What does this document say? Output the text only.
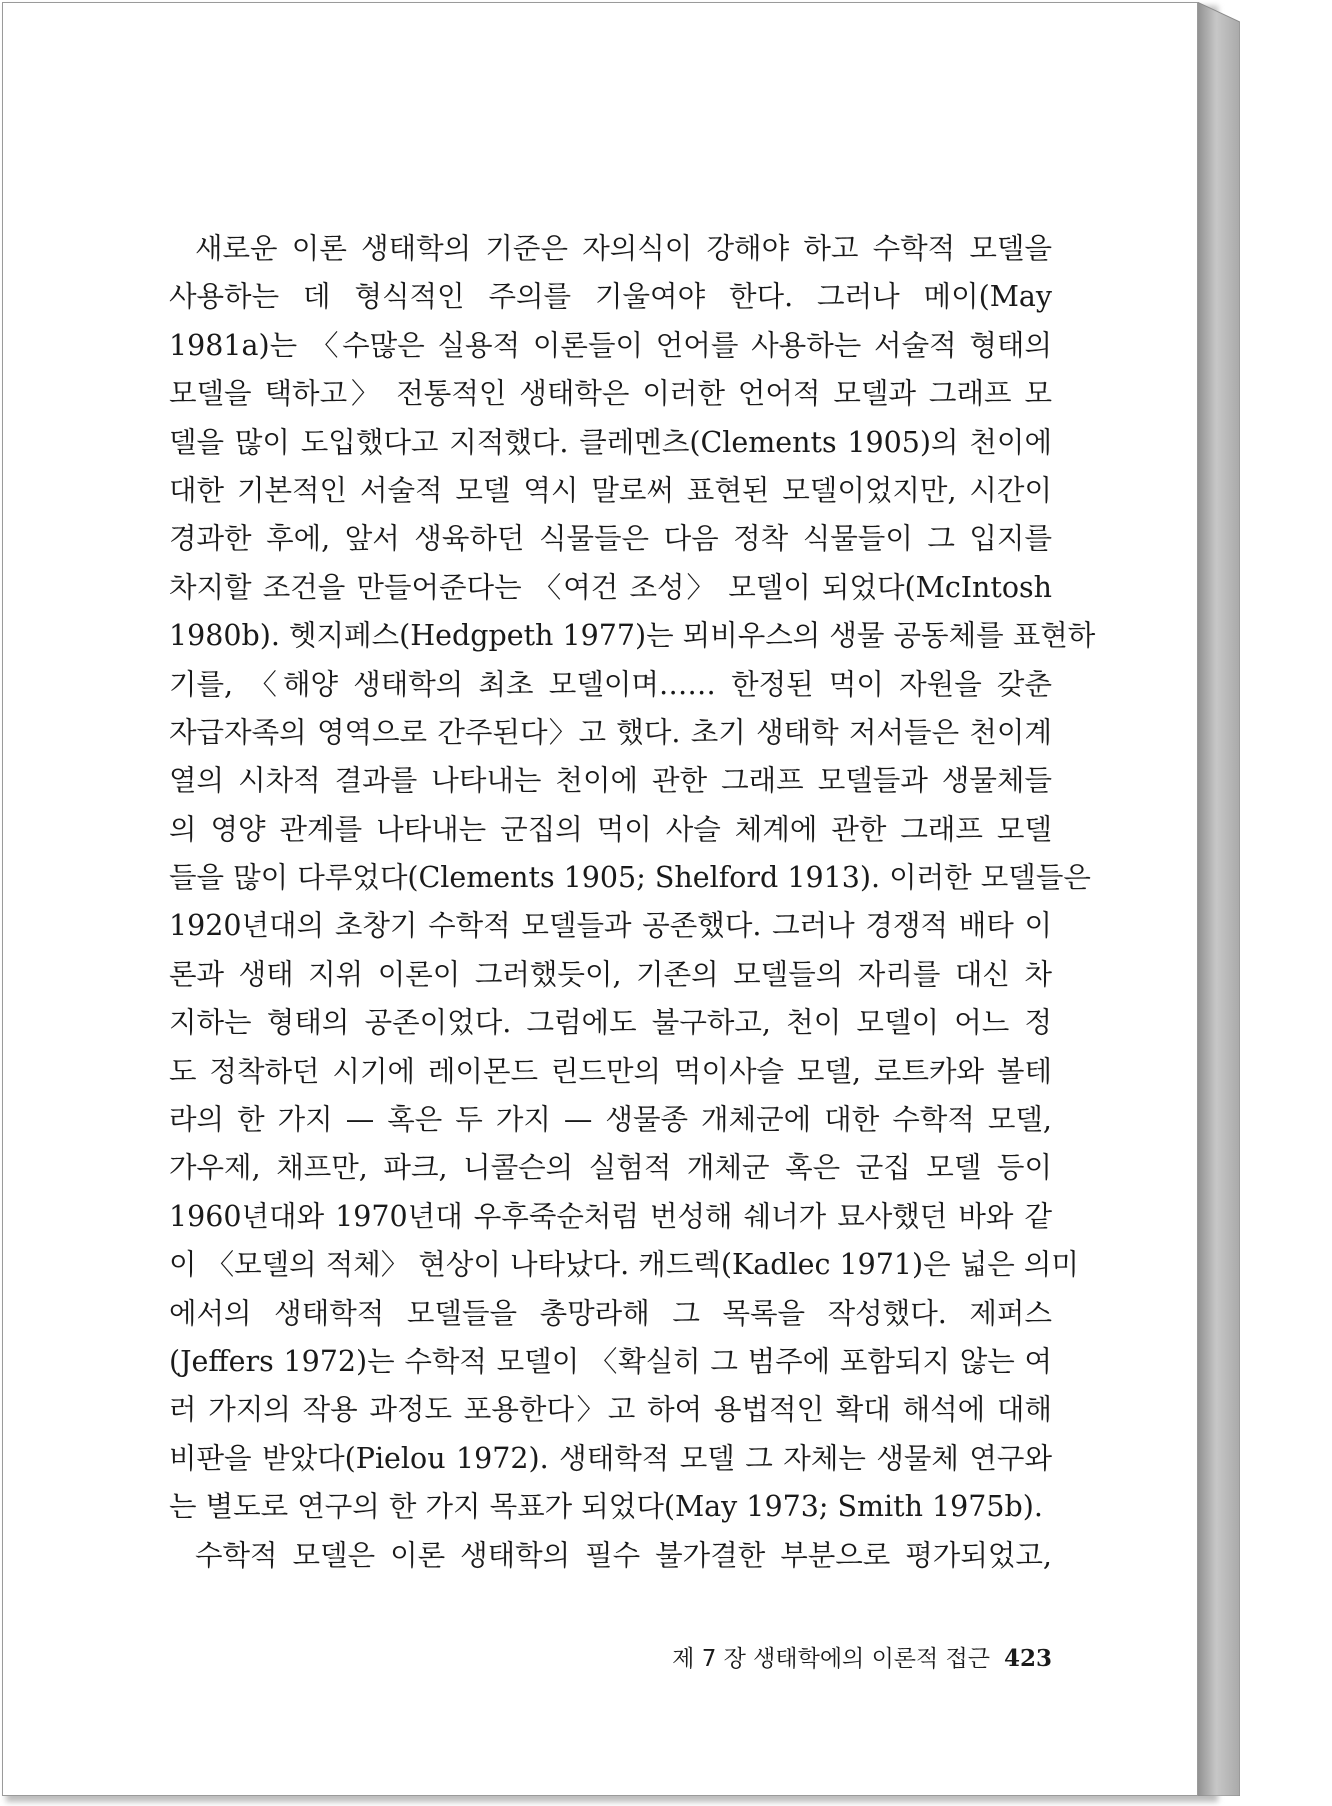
새로운 이론 생태학의 기준은 자의식이 강해야 하고 수학적 모델을
사용하는 데 형식적인 주의를 기울여야 한다. 그러나 메이(May
1981a)는 〈수많은 실용적 이론들이 언어를 사용하는 서술적 형태의
모델을 택하고〉 전통적인 생태학은 이러한 언어적 모델과 그래프 모
델을 많이 도입했다고 지적했다. 클레멘츠(Clements 1905)의 천이에
대한 기본적인 서술적 모델 역시 말로써 표현된 모델이었지만, 시간이
경과한 후에, 앞서 생육하던 식물들은 다음 정착 식물들이 그 입지를
차지할 조건을 만들어준다는 〈여건 조성〉 모델이 되었다(McIntosh
1980b). 헷지페스(Hedgpeth 1977)는 뫼비우스의 생물 공동체를 표현하
기를, 〈해양 생태학의 최초 모델이며…… 한정된 먹이 자원을 갖춘
자급자족의 영역으로 간주된다〉고 했다. 초기 생태학 저서들은 천이계
열의 시차적 결과를 나타내는 천이에 관한 그래프 모델들과 생물체들
의 영양 관계를 나타내는 군집의 먹이 사슬 체계에 관한 그래프 모델
들을 많이 다루었다(Clements 1905; Shelford 1913). 이러한 모델들은
1920년대의 초창기 수학적 모델들과 공존했다. 그러나 경쟁적 배타 이
론과 생태 지위 이론이 그러했듯이, 기존의 모델들의 자리를 대신 차
지하는 형태의 공존이었다. 그럼에도 불구하고, 천이 모델이 어느 정
도 정착하던 시기에 레이몬드 린드만의 먹이사슬 모델, 로트카와 볼테
라의 한 가지 — 혹은 두 가지 — 생물종 개체군에 대한 수학적 모델,
가우제, 채프만, 파크, 니콜슨의 실험적 개체군 혹은 군집 모델 등이
1960년대와 1970년대 우후죽순처럼 번성해 쉐너가 묘사했던 바와 같
이 〈모델의 적체〉 현상이 나타났다. 캐드렉(Kadlec 1971)은 넓은 의미
에서의 생태학적 모델들을 총망라해 그 목록을 작성했다. 제퍼스
(Jeffers 1972)는 수학적 모델이 〈확실히 그 범주에 포함되지 않는 여
러 가지의 작용 과정도 포용한다〉고 하여 용법적인 확대 해석에 대해
비판을 받았다(Pielou 1972). 생태학적 모델 그 자체는 생물체 연구와
는 별도로 연구의 한 가지 목표가 되었다(May 1973; Smith 1975b).
수학적 모델은 이론 생태학의 필수 불가결한 부분으로 평가되었고,
제 7 장 생태학에의 이론적 접근 423
